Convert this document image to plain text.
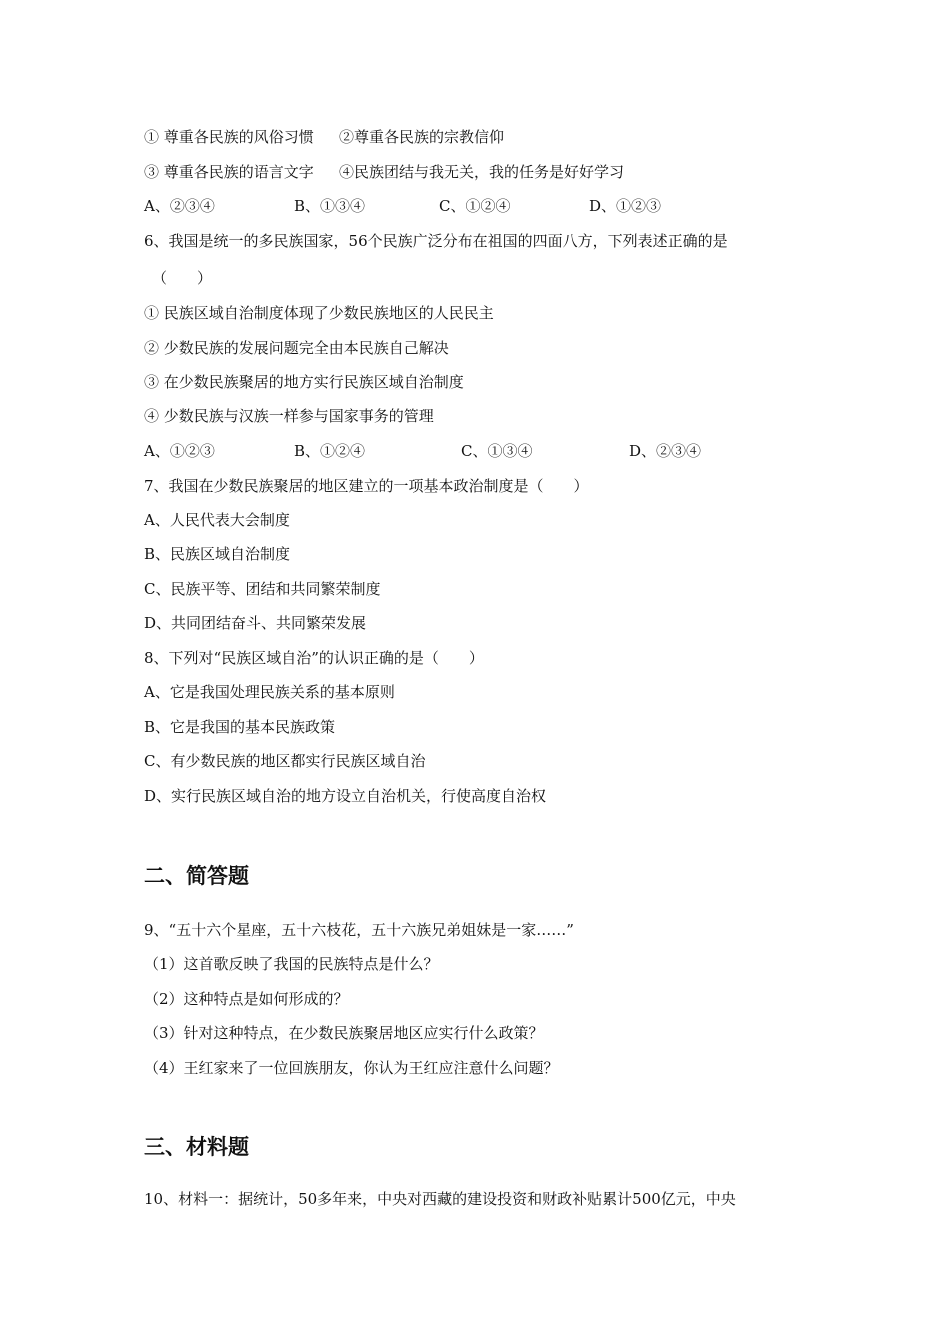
① 尊重各民族的风俗习惯	②尊重各民族的宗教信仰
③ 尊重各民族的语言文字	④民族团结与我无关，我的任务是好好学习
A、②③④	B、①③④	C、①②④	D、①②③
6、我国是统一的多民族国家，56个民族广泛分布在祖国的四面八方，下列表述正确的是
（　　）
① 民族区域自治制度体现了少数民族地区的人民民主
② 少数民族的发展问题完全由本民族自己解决
③ 在少数民族聚居的地方实行民族区域自治制度
④ 少数民族与汉族一样参与国家事务的管理
A、①②③	B、①②④	C、①③④	D、②③④
7、我国在少数民族聚居的地区建立的一项基本政治制度是（　　）
A、人民代表大会制度
B、民族区域自治制度
C、民族平等、团结和共同繁荣制度
D、共同团结奋斗、共同繁荣发展
8、下列对“民族区域自治”的认识正确的是（　　）
A、它是我国处理民族关系的基本原则
B、它是我国的基本民族政策
C、有少数民族的地区都实行民族区域自治
D、实行民族区域自治的地方设立自治机关，行使高度自治权
二、简答题
9、“五十六个星座，五十六枝花，五十六族兄弟姐妹是一家……”
（1）这首歌反映了我国的民族特点是什么？
（2）这种特点是如何形成的？
（3）针对这种特点，在少数民族聚居地区应实行什么政策？
（4）王红家来了一位回族朋友，你认为王红应注意什么问题？
三、材料题
10、材料一：据统计，50多年来，中央对西藏的建设投资和财政补贴累计500亿元，中央
